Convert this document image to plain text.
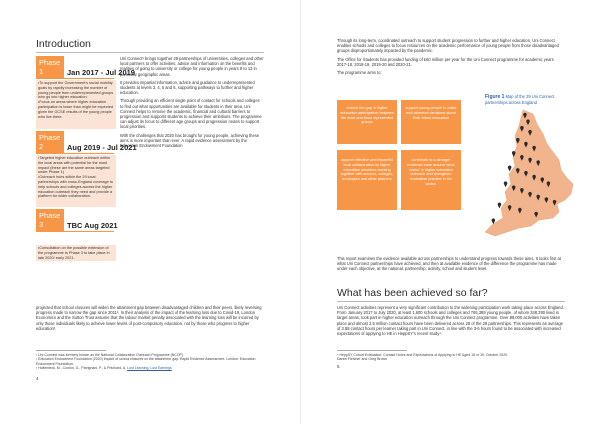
Introduction
Phase 1	Jan 2017 - Jul 2019
•To support the Government's social mobility goals by rapidly increasing the number of young people from underrepresented groups who go into higher education.
•Focus on areas where higher education participation is lower than might be expected given the GCSE results of the young people who live there.
Phase 2	Aug 2019 - Jul 2021
•Targeted higher education outreach within the local areas with potential for the most impact (these are the same areas targeted under Phase 1)
•Outreach hubs within the 29 local partnerships with cross-England coverage to help schools and colleges access the higher education outreach they need and provide a platform for wider collaboration.
Phase 3	TBC Aug 2021
•Consultation on the possible extension of the programme to Phase 3 to take place in late 2020/ early 2021.

Uni Connect¹ brings together 29 partnerships of universities, colleges and other local partners to offer activities, advice and information on the benefits and realities of going to university or college for young people in years 9 to 13 in particular geographic areas.

It provides impartial information, advice and guidance to underrepresented students at levels 3, 4, 5 and 6, supporting pathways to further and higher education.

Through providing an efficient single point of contact for schools and colleges to find out what opportunities are available for students in their area, Uni Connect helps to remove the academic, financial and cultural barriers to progression and supports students to achieve their ambitions. The programme can adjust its focus to different age groups and progression routes to support local priorities.

With the challenges that 2020 has brought for young people, achieving these aims is more important than ever. A rapid evidence assessment by the Education Endowment Foundation

projected that school closures will widen the attainment gap between disadvantaged children and their peers, likely reversing progress made to narrow the gap since 2011². In their analysis of the impact of the learning loss due to Covid-19, London Economics and the Sutton Trust assume that the labour market penalty associated with the learning loss will be incurred by only those individuals likely to achieve lower levels of post-compulsory education, not by those who progress to higher education³.

¹ Uni Connect was formerly known as the National Collaborative Outreach Programme (NCOP).
² Education Endowment Foundation (2020) Impact of school closures on the attainment gap: Rapid Evidence Assessment. London: Education Endowment Foundation.
³ Holterbeck, M., Conlon, G., Patrignani, P., & Pritchard, A. Lost Learning, Lost Earnings
4

Through its long-term, coordinated outreach to support student progression to further and higher education, Uni Connect enables schools and colleges to focus resources on the academic performance of young people from those disadvantaged groups disproportionately impacted by the pandemic.

The Office for Students has provided funding of £60 million per year for the Uni Connect programme for academic years 2017-18, 2018-19, 2019-20 and 2020-21.

The programme aims to:

reduce the gap in higher education participation between the most and least represented groups
support young people to make well-informed decisions about their future education
support effective and impactful local collaboration by higher education providers working together with schools, colleges, employers and other partners
contribute to a stronger evidence base around 'what works' in higher education outreach and strengthen evaluation practice in the sector.
Figure 1 Map of the 29 Uni Connect partnerships across England

This report examines the evidence available across partnerships to understand progress towards these aims. It looks first at what Uni Connect partnerships have achieved, and then at available evidence of the difference the programme has made under each objective, at the national, partnership, activity, school and student level.

What has been achieved so far?

Uni Connect activities represent a very significant contribution to the widening participation work taking place across England. From January 2017 to July 2020, at least 1,600 schools and colleges and 765,389 young people, of whom 348,290 lived in target areas, took part in higher education outreach through the Uni Connect programme. Over 88,000 activities have taken place and almost 2.5 million contact hours have been delivered across 28 of the 29 partnerships. This represents an average of 3.88 contact hours per learner taking part in Uni Connect, in line with the 3-6 hours found to be associated with increased expectations of applying to HE in HeppSY's recent study⁴.

⁴ HeppSY Cohort Evaluation: Contact Hours and Expectations of Applying to HE Aged 18 or 19. October 2020.
Daniel Fletcher and Greg Brown
5
